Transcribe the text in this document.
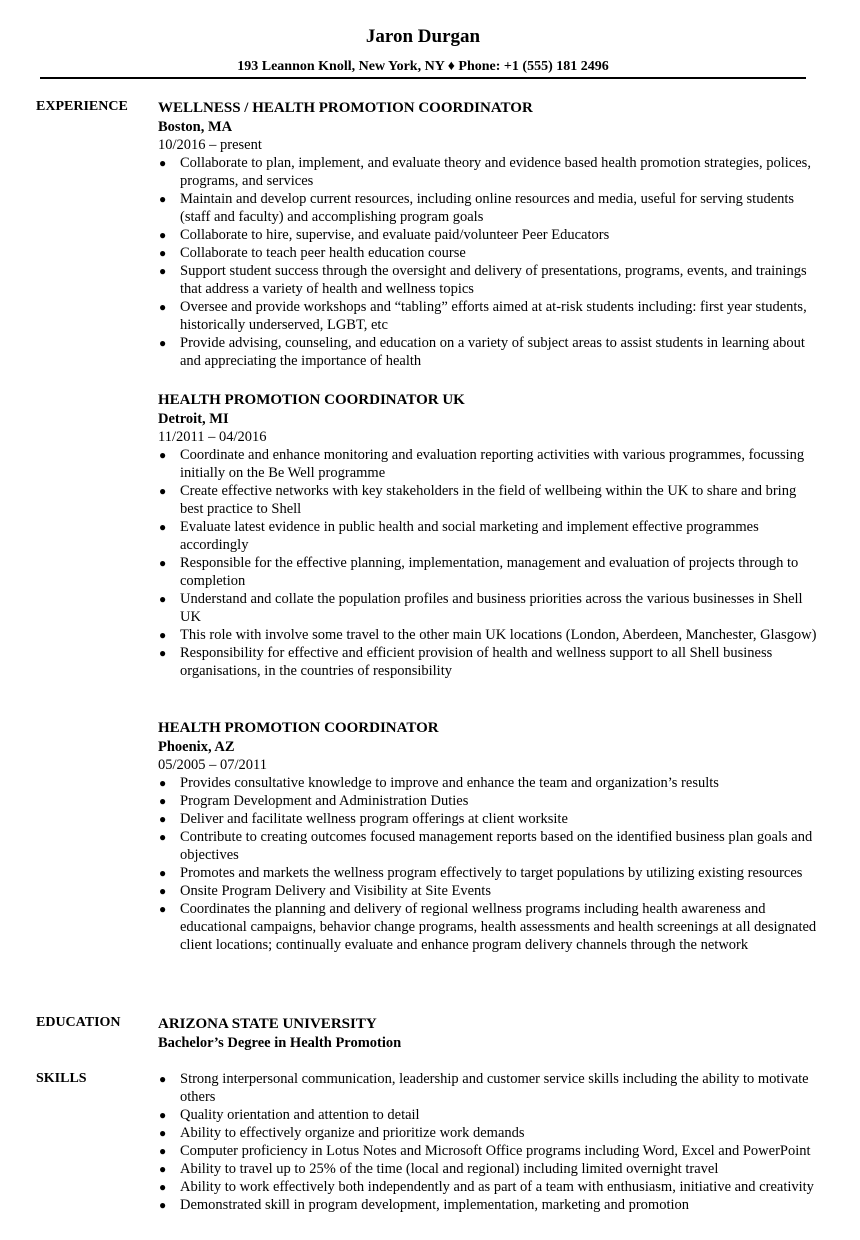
Jaron Durgan
193 Leannon Knoll, New York, NY ♦ Phone: +1 (555) 181 2496
EXPERIENCE WELLNESS / HEALTH PROMOTION COORDINATOR
Boston, MA
10/2016 – present
● Collaborate to plan, implement, and evaluate theory and evidence based health promotion strategies, polices, programs, and services
● Maintain and develop current resources, including online resources and media, useful for serving students (staff and faculty) and accomplishing program goals
● Collaborate to hire, supervise, and evaluate paid/volunteer Peer Educators
● Collaborate to teach peer health education course
● Support student success through the oversight and delivery of presentations, programs, events, and trainings that address a variety of health and wellness topics
● Oversee and provide workshops and “tabling” efforts aimed at at-risk students including: first year students, historically underserved, LGBT, etc
● Provide advising, counseling, and education on a variety of subject areas to assist students in learning about and appreciating the importance of health
HEALTH PROMOTION COORDINATOR UK
Detroit, MI
11/2011 – 04/2016
● Coordinate and enhance monitoring and evaluation reporting activities with various programmes, focussing initially on the Be Well programme
● Create effective networks with key stakeholders in the field of wellbeing within the UK to share and bring best practice to Shell
● Evaluate latest evidence in public health and social marketing and implement effective programmes accordingly
● Responsible for the effective planning, implementation, management and evaluation of projects through to completion
● Understand and collate the population profiles and business priorities across the various businesses in Shell UK
● This role with involve some travel to the other main UK locations (London, Aberdeen, Manchester, Glasgow)
● Responsibility for effective and efficient provision of health and wellness support to all Shell business organisations, in the countries of responsibility
HEALTH PROMOTION COORDINATOR
Phoenix, AZ
05/2005 – 07/2011
● Provides consultative knowledge to improve and enhance the team and organization’s results
● Program Development and Administration Duties
● Deliver and facilitate wellness program offerings at client worksite
● Contribute to creating outcomes focused management reports based on the identified business plan goals and objectives
● Promotes and markets the wellness program effectively to target populations by utilizing existing resources
● Onsite Program Delivery and Visibility at Site Events
● Coordinates the planning and delivery of regional wellness programs including health awareness and educational campaigns, behavior change programs, health assessments and health screenings at all designated client locations; continually evaluate and enhance program delivery channels through the network
EDUCATION ARIZONA STATE UNIVERSITY
Bachelor’s Degree in Health Promotion
SKILLS	● Strong interpersonal communication, leadership and customer service skills including the ability to motivate others
● Quality orientation and attention to detail
● Ability to effectively organize and prioritize work demands
● Computer proficiency in Lotus Notes and Microsoft Office programs including Word, Excel and PowerPoint
● Ability to travel up to 25% of the time (local and regional) including limited overnight travel
● Ability to work effectively both independently and as part of a team with enthusiasm, initiative and creativity
● Demonstrated skill in program development, implementation, marketing and promotion
